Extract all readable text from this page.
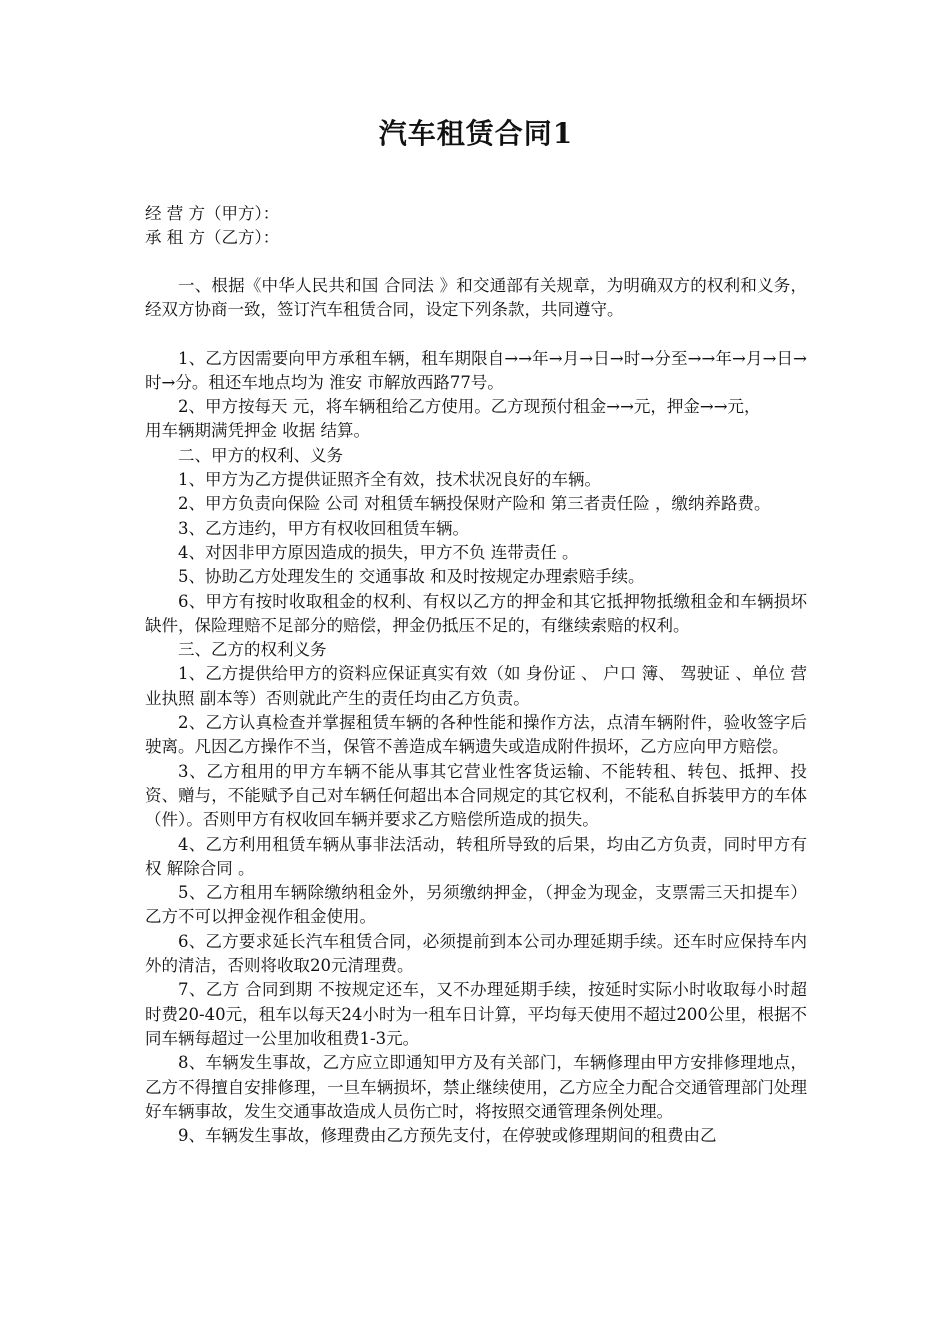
汽车租赁合同1

经 营 方（甲方）：

承 租 方（乙方）：

一、根据《中华人民共和国 合同法 》和交通部有关规章，为明确双方的权利和义务，经双方协商一致，签订汽车租赁合同，设定下列条款，共同遵守。

1、乙方因需要向甲方承租车辆，租车期限自→→年→月→日→时→分至→→年→月→日→时→分。租还车地点均为 淮安 市解放西路77号。

2、甲方按每天 元，将车辆租给乙方使用。乙方现预付租金→→元，押金→→元，

用车辆期满凭押金 收据 结算。

二、甲方的权利、义务

1、甲方为乙方提供证照齐全有效，技术状况良好的车辆。

2、甲方负责向保险 公司 对租赁车辆投保财产险和 第三者责任险 ，缴纳养路费。

3、乙方违约，甲方有权收回租赁车辆。

4、对因非甲方原因造成的损失，甲方不负 连带责任 。

5、协助乙方处理发生的 交通事故 和及时按规定办理索赔手续。

6、甲方有按时收取租金的权利、有权以乙方的押金和其它抵押物抵缴租金和车辆损坏缺件，保险理赔不足部分的赔偿，押金仍抵压不足的，有继续索赔的权利。

三、乙方的权利义务

1、乙方提供给甲方的资料应保证真实有效（如 身份证 、 户口 簿、 驾驶证 、单位 营业执照 副本等）否则就此产生的责任均由乙方负责。

2、乙方认真检查并掌握租赁车辆的各种性能和操作方法，点清车辆附件，验收签字后驶离。凡因乙方操作不当，保管不善造成车辆遗失或造成附件损坏，乙方应向甲方赔偿。

3、乙方租用的甲方车辆不能从事其它营业性客货运输、不能转租、转包、抵押、投资、赠与，不能赋予自己对车辆任何超出本合同规定的其它权利，不能私自拆装甲方的车体（件）。否则甲方有权收回车辆并要求乙方赔偿所造成的损失。

4、乙方利用租赁车辆从事非法活动，转租所导致的后果，均由乙方负责，同时甲方有权 解除合同 。

5、乙方租用车辆除缴纳租金外，另须缴纳押金，（押金为现金，支票需三天扣提车）乙方不可以押金视作租金使用。

6、乙方要求延长汽车租赁合同，必须提前到本公司办理延期手续。还车时应保持车内外的清洁，否则将收取20元清理费。

7、乙方 合同到期 不按规定还车，又不办理延期手续，按延时实际小时收取每小时超时费20-40元，租车以每天24小时为一租车日计算，平均每天使用不超过200公里，根据不同车辆每超过一公里加收租费1-3元。

8、车辆发生事故，乙方应立即通知甲方及有关部门，车辆修理由甲方安排修理地点，乙方不得擅自安排修理，一旦车辆损坏，禁止继续使用，乙方应全力配合交通管理部门处理好车辆事故，发生交通事故造成人员伤亡时，将按照交通管理条例处理。

9、车辆发生事故，修理费由乙方预先支付，在停驶或修理期间的租费由乙
